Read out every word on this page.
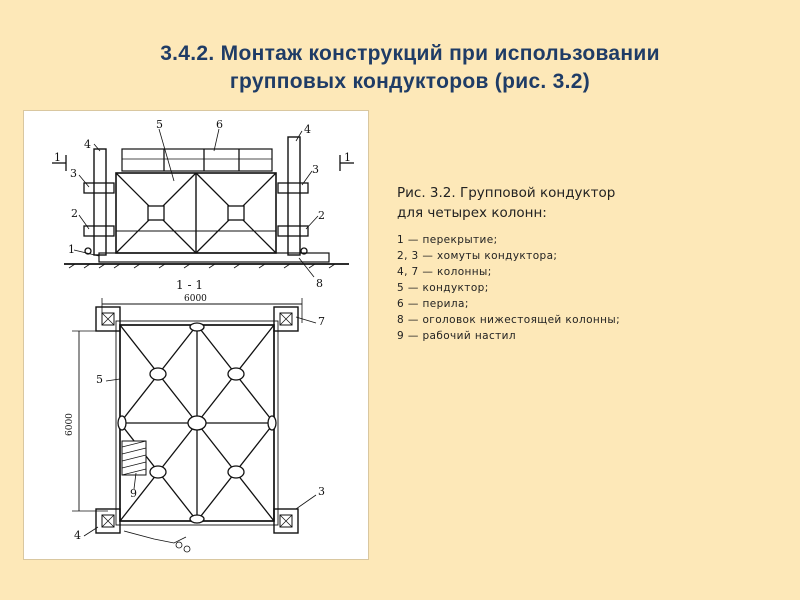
3.4.2. Монтаж конструкций при использовании
групповых кондукторов (рис. 3.2)
4
5	6	4
3	3
2	2
1
1	1
8
1 - 1
6000
6000
5
7
3
4
9
Рис. 3.2. Групповой кондуктор
для четырех колонн:
1 — перекрытие;
2, 3 — хомуты кондуктора;
4, 7 — колонны;
5 — кондуктор;
6 — перила;
8 — оголовок нижестоящей колонны;
9 — рабочий настил
